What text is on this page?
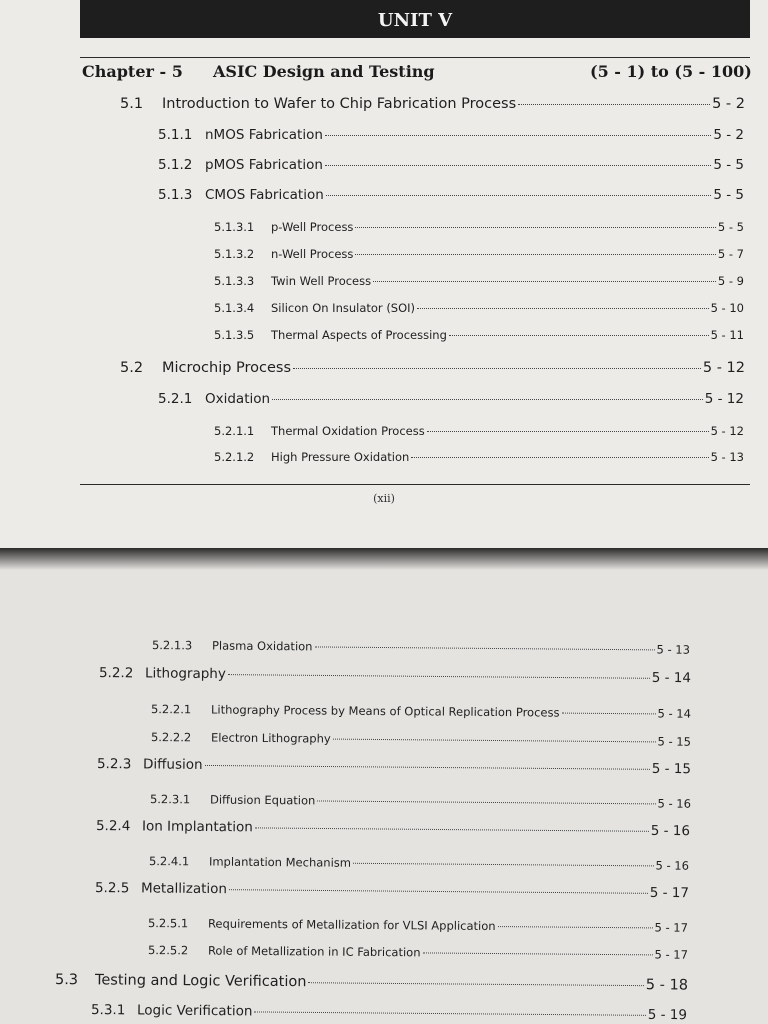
UNIT V
Chapter - 5 ASIC Design and Testing	(5 - 1) to (5 - 100)
5.1	Introduction to Wafer to Chip Fabrication Process	5 - 2
5.1.1 nMOS Fabrication	5 - 2
5.1.2 pMOS Fabrication	5 - 5
5.1.3 CMOS Fabrication	5 - 5
5.1.3.1	p-Well Process	5 - 5
5.1.3.2	n-Well Process	5 - 7
5.1.3.3	Twin Well Process	5 - 9
5.1.3.4	Silicon On Insulator (SOI)	5 - 10
5.1.3.5	Thermal Aspects of Processing	5 - 11
5.2	Microchip Process	5 - 12
5.2.1 Oxidation	5 - 12
5.2.1.1	Thermal Oxidation Process	5 - 12
5.2.1.2	High Pressure Oxidation	5 - 13
(xii)
5.2.1.3	Plasma Oxidation	5 - 13
5.2.2 Lithography	5 - 14
5.2.2.1	Lithography Process by Means of Optical Replication Process	5 - 14
5.2.2.2	Electron Lithography	5 - 15
5.2.3 Diffusion	5 - 15
5.2.3.1	Diffusion Equation	5 - 16
5.2.4 Ion Implantation	5 - 16
5.2.4.1	Implantation Mechanism	5 - 16
5.2.5 Metallization	5 - 17
5.2.5.1	Requirements of Metallization for VLSI Application	5 - 17
5.2.5.2	Role of Metallization in IC Fabrication	5 - 17
5.3	Testing and Logic Verification	5 - 18
5.3.1 Logic Verification	5 - 19
